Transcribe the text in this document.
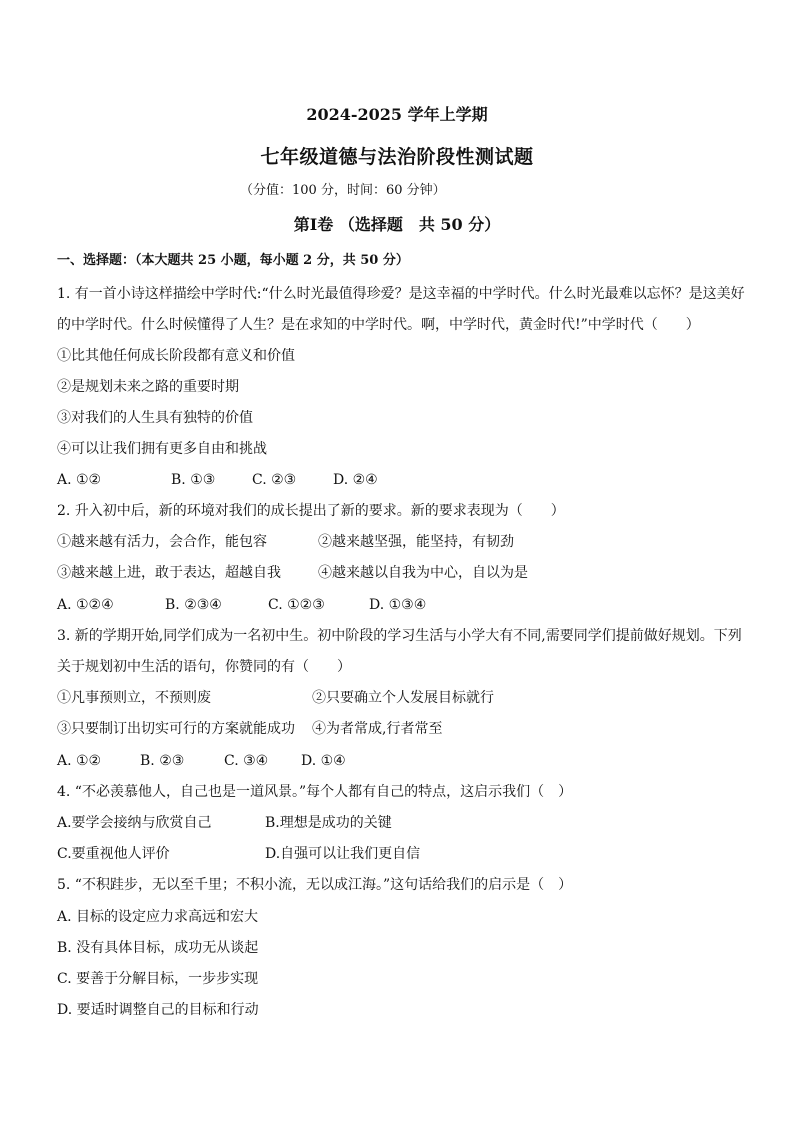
2024-2025 学年上学期
七年级道德与法治阶段性测试题
（分值：100 分，时间：60 分钟）
第Ⅰ卷 （选择题　共 50 分）
一、选择题：（本大题共 25 小题，每小题 2 分，共 50 分）
1. 有一首小诗这样描绘中学时代:“什么时光最值得珍爱？是这幸福的中学时代。什么时光最难以忘怀？是这美好
的中学时代。什么时候懂得了人生？是在求知的中学时代。啊，中学时代，黄金时代!”中学时代（　　）
①比其他任何成长阶段都有意义和价值
②是规划未来之路的重要时期
③对我们的人生具有独特的价值
④可以让我们拥有更多自由和挑战
A. ①②	B. ①③	C. ②③	D. ②④
2. 升入初中后，新的环境对我们的成长提出了新的要求。新的要求表现为（　　）
①越来越有活力，会合作，能包容	②越来越坚强，能坚持，有韧劲
③越来越上进，敢于表达，超越自我	④越来越以自我为中心，自以为是
A. ①②④	B. ②③④	C. ①②③	D. ①③④
3. 新的学期开始,同学们成为一名初中生。初中阶段的学习生活与小学大有不同,需要同学们提前做好规划。下列
关于规划初中生活的语句，你赞同的有（　　）
①凡事预则立，不预则废	②只要确立个人发展目标就行
③只要制订出切实可行的方案就能成功 ④为者常成,行者常至
A. ①②	B. ②③	C. ③④ D. ①④
4. “不必羡慕他人，自己也是一道风景。”每个人都有自己的特点，这启示我们（　）
A.要学会接纳与欣赏自己	B.理想是成功的关键
C.要重视他人评价	D.自强可以让我们更自信
5. “不积跬步，无以至千里；不积小流，无以成江海。”这句话给我们的启示是（　）
A. 目标的设定应力求高远和宏大
B. 没有具体目标，成功无从谈起
C. 要善于分解目标，一步步实现
D. 要适时调整自己的目标和行动
